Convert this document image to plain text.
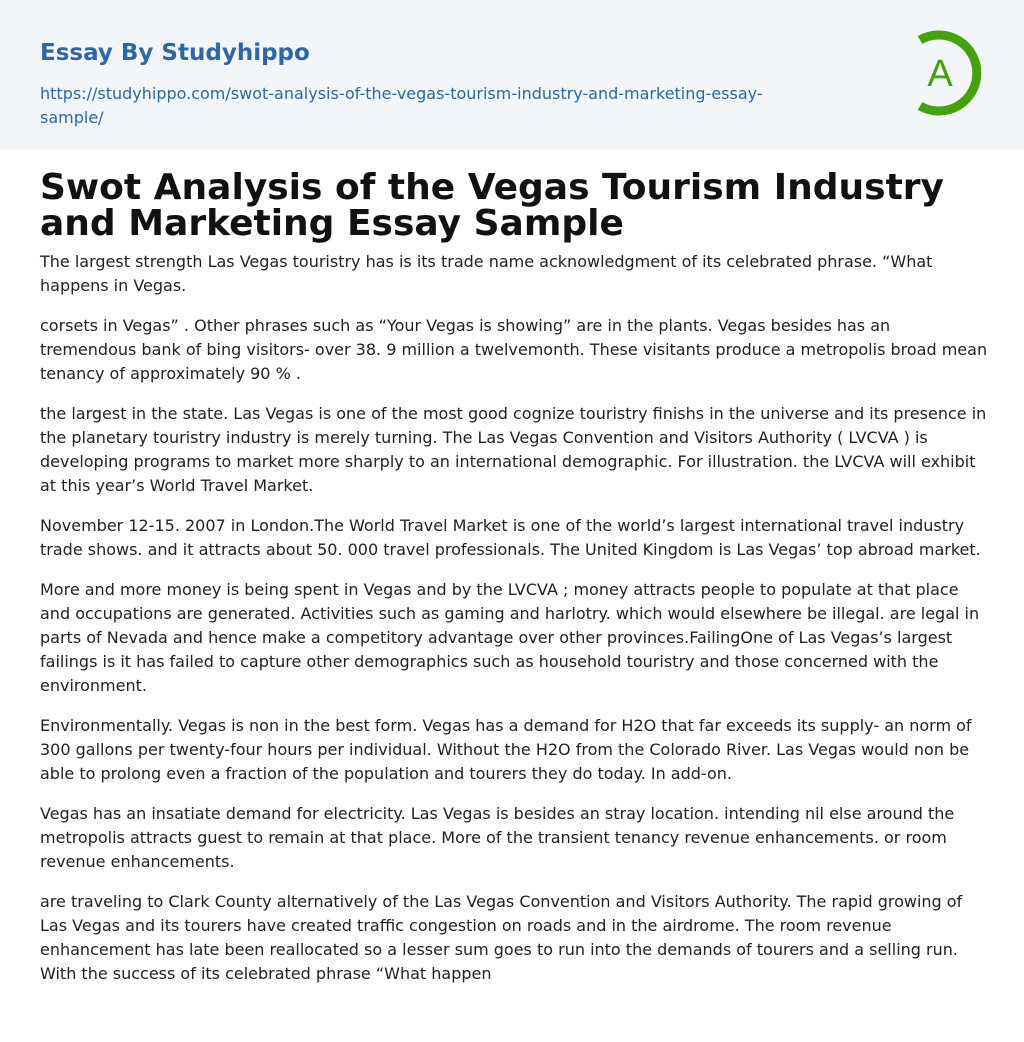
Essay By Studyhippo
https://studyhippo.com/swot-analysis-of-the-vegas-tourism-industry-and-marketing-essay-sample/
A
Swot Analysis of the Vegas Tourism Industry and Marketing Essay Sample

The largest strength Las Vegas touristry has is its trade name acknowledgment of its celebrated phrase. “What happens in Vegas.

corsets in Vegas” . Other phrases such as “Your Vegas is showing” are in the plants. Vegas besides has an tremendous bank of bing visitors- over 38. 9 million a twelvemonth. These visitants produce a metropolis broad mean tenancy of approximately 90 % .

the largest in the state. Las Vegas is one of the most good cognize touristry finishs in the universe and its presence in the planetary touristry industry is merely turning. The Las Vegas Convention and Visitors Authority ( LVCVA ) is developing programs to market more sharply to an international demographic. For illustration. the LVCVA will exhibit at this year’s World Travel Market.

November 12-15. 2007 in London.The World Travel Market is one of the world’s largest international travel industry trade shows. and it attracts about 50. 000 travel professionals. The United Kingdom is Las Vegas’ top abroad market.

More and more money is being spent in Vegas and by the LVCVA ; money attracts people to populate at that place and occupations are generated. Activities such as gaming and harlotry. which would elsewhere be illegal. are legal in parts of Nevada and hence make a competitory advantage over other provinces.FailingOne of Las Vegas’s largest failings is it has failed to capture other demographics such as household touristry and those concerned with the environment.

Environmentally. Vegas is non in the best form. Vegas has a demand for H2O that far exceeds its supply- an norm of 300 gallons per twenty-four hours per individual. Without the H2O from the Colorado River. Las Vegas would non be able to prolong even a fraction of the population and tourers they do today. In add-on.

Vegas has an insatiate demand for electricity. Las Vegas is besides an stray location. intending nil else around the metropolis attracts guest to remain at that place. More of the transient tenancy revenue enhancements. or room revenue enhancements.

are traveling to Clark County alternatively of the Las Vegas Convention and Visitors Authority. The rapid growing of Las Vegas and its tourers have created traffic congestion on roads and in the airdrome. The room revenue enhancement has late been reallocated so a lesser sum goes to run into the demands of tourers and a selling run. With the success of its celebrated phrase “What happen
